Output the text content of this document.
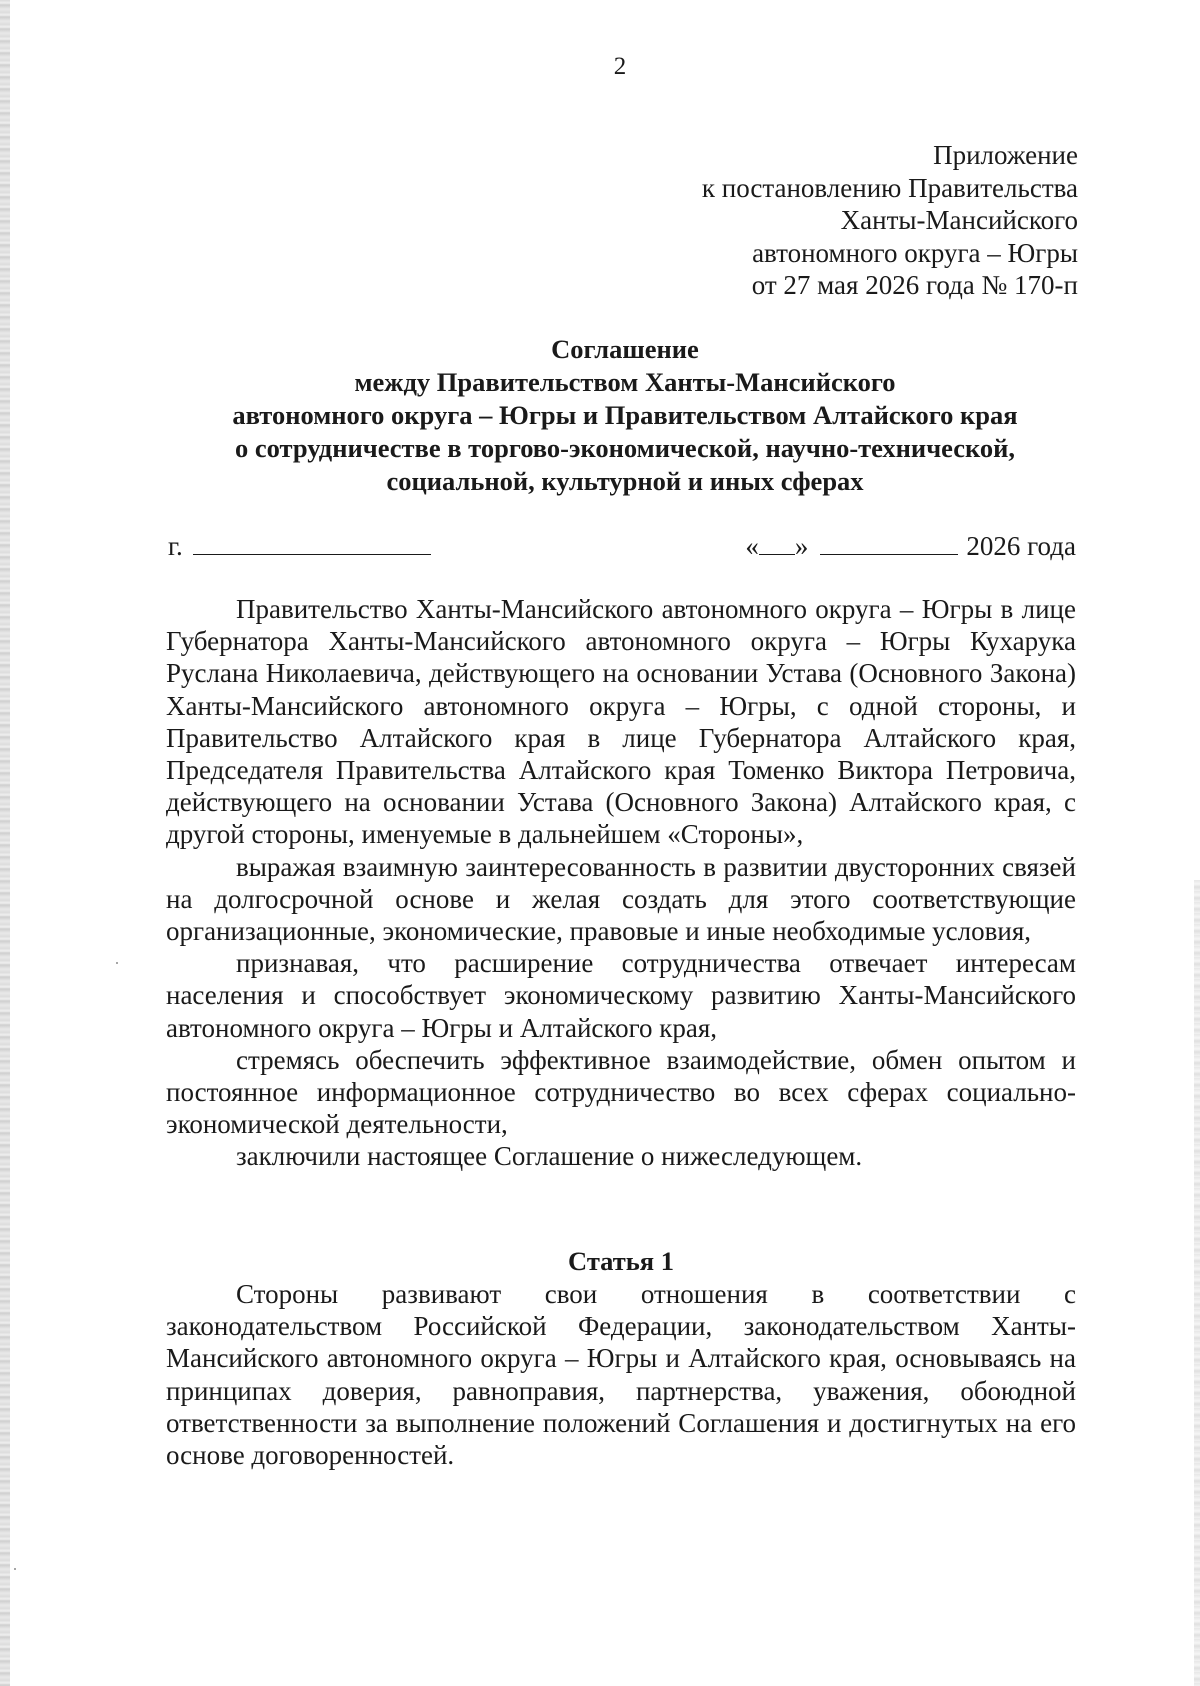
2
Приложение
к постановлению Правительства
Ханты-Мансийского
автономного округа – Югры
от 27 мая 2026 года № 170-п
Соглашение
между Правительством Ханты-Мансийского
автономного округа – Югры и Правительством Алтайского края
о сотрудничестве в торгово-экономической, научно-технической,
социальной, культурной и иных сферах
г.	« »	2026 года

Правительство Ханты-Мансийского автономного округа – Югры в лице Губернатора Ханты-Мансийского автономного округа – Югры Кухарука Руслана Николаевича, действующего на основании Устава (Основного Закона) Ханты-Мансийского автономного округа – Югры, с одной стороны, и Правительство Алтайского края в лице Губернатора Алтайского края, Председателя Правительства Алтайского края Томенко Виктора Петровича, действующего на основании Устава (Основного Закона) Алтайского края, с другой стороны, именуемые в дальнейшем «Стороны»,

выражая взаимную заинтересованность в развитии двусторонних связей на долгосрочной основе и желая создать для этого соответствующие организационные, экономические, правовые и иные необходимые условия,

признавая, что расширение сотрудничества отвечает интересам населения и способствует экономическому развитию Ханты-Мансийского автономного округа – Югры и Алтайского края,

стремясь обеспечить эффективное взаимодействие, обмен опытом и постоянное информационное сотрудничество во всех сферах социально-экономической деятельности,

заключили настоящее Соглашение о нижеследующем.

Статья 1

Стороны развивают свои отношения в соответствии с законодательством Российской Федерации, законодательством Ханты-Мансийского автономного округа – Югры и Алтайского края, основываясь на принципах доверия, равноправия, партнерства, уважения, обоюдной ответственности за выполнение положений Соглашения и достигнутых на его основе договоренностей.
